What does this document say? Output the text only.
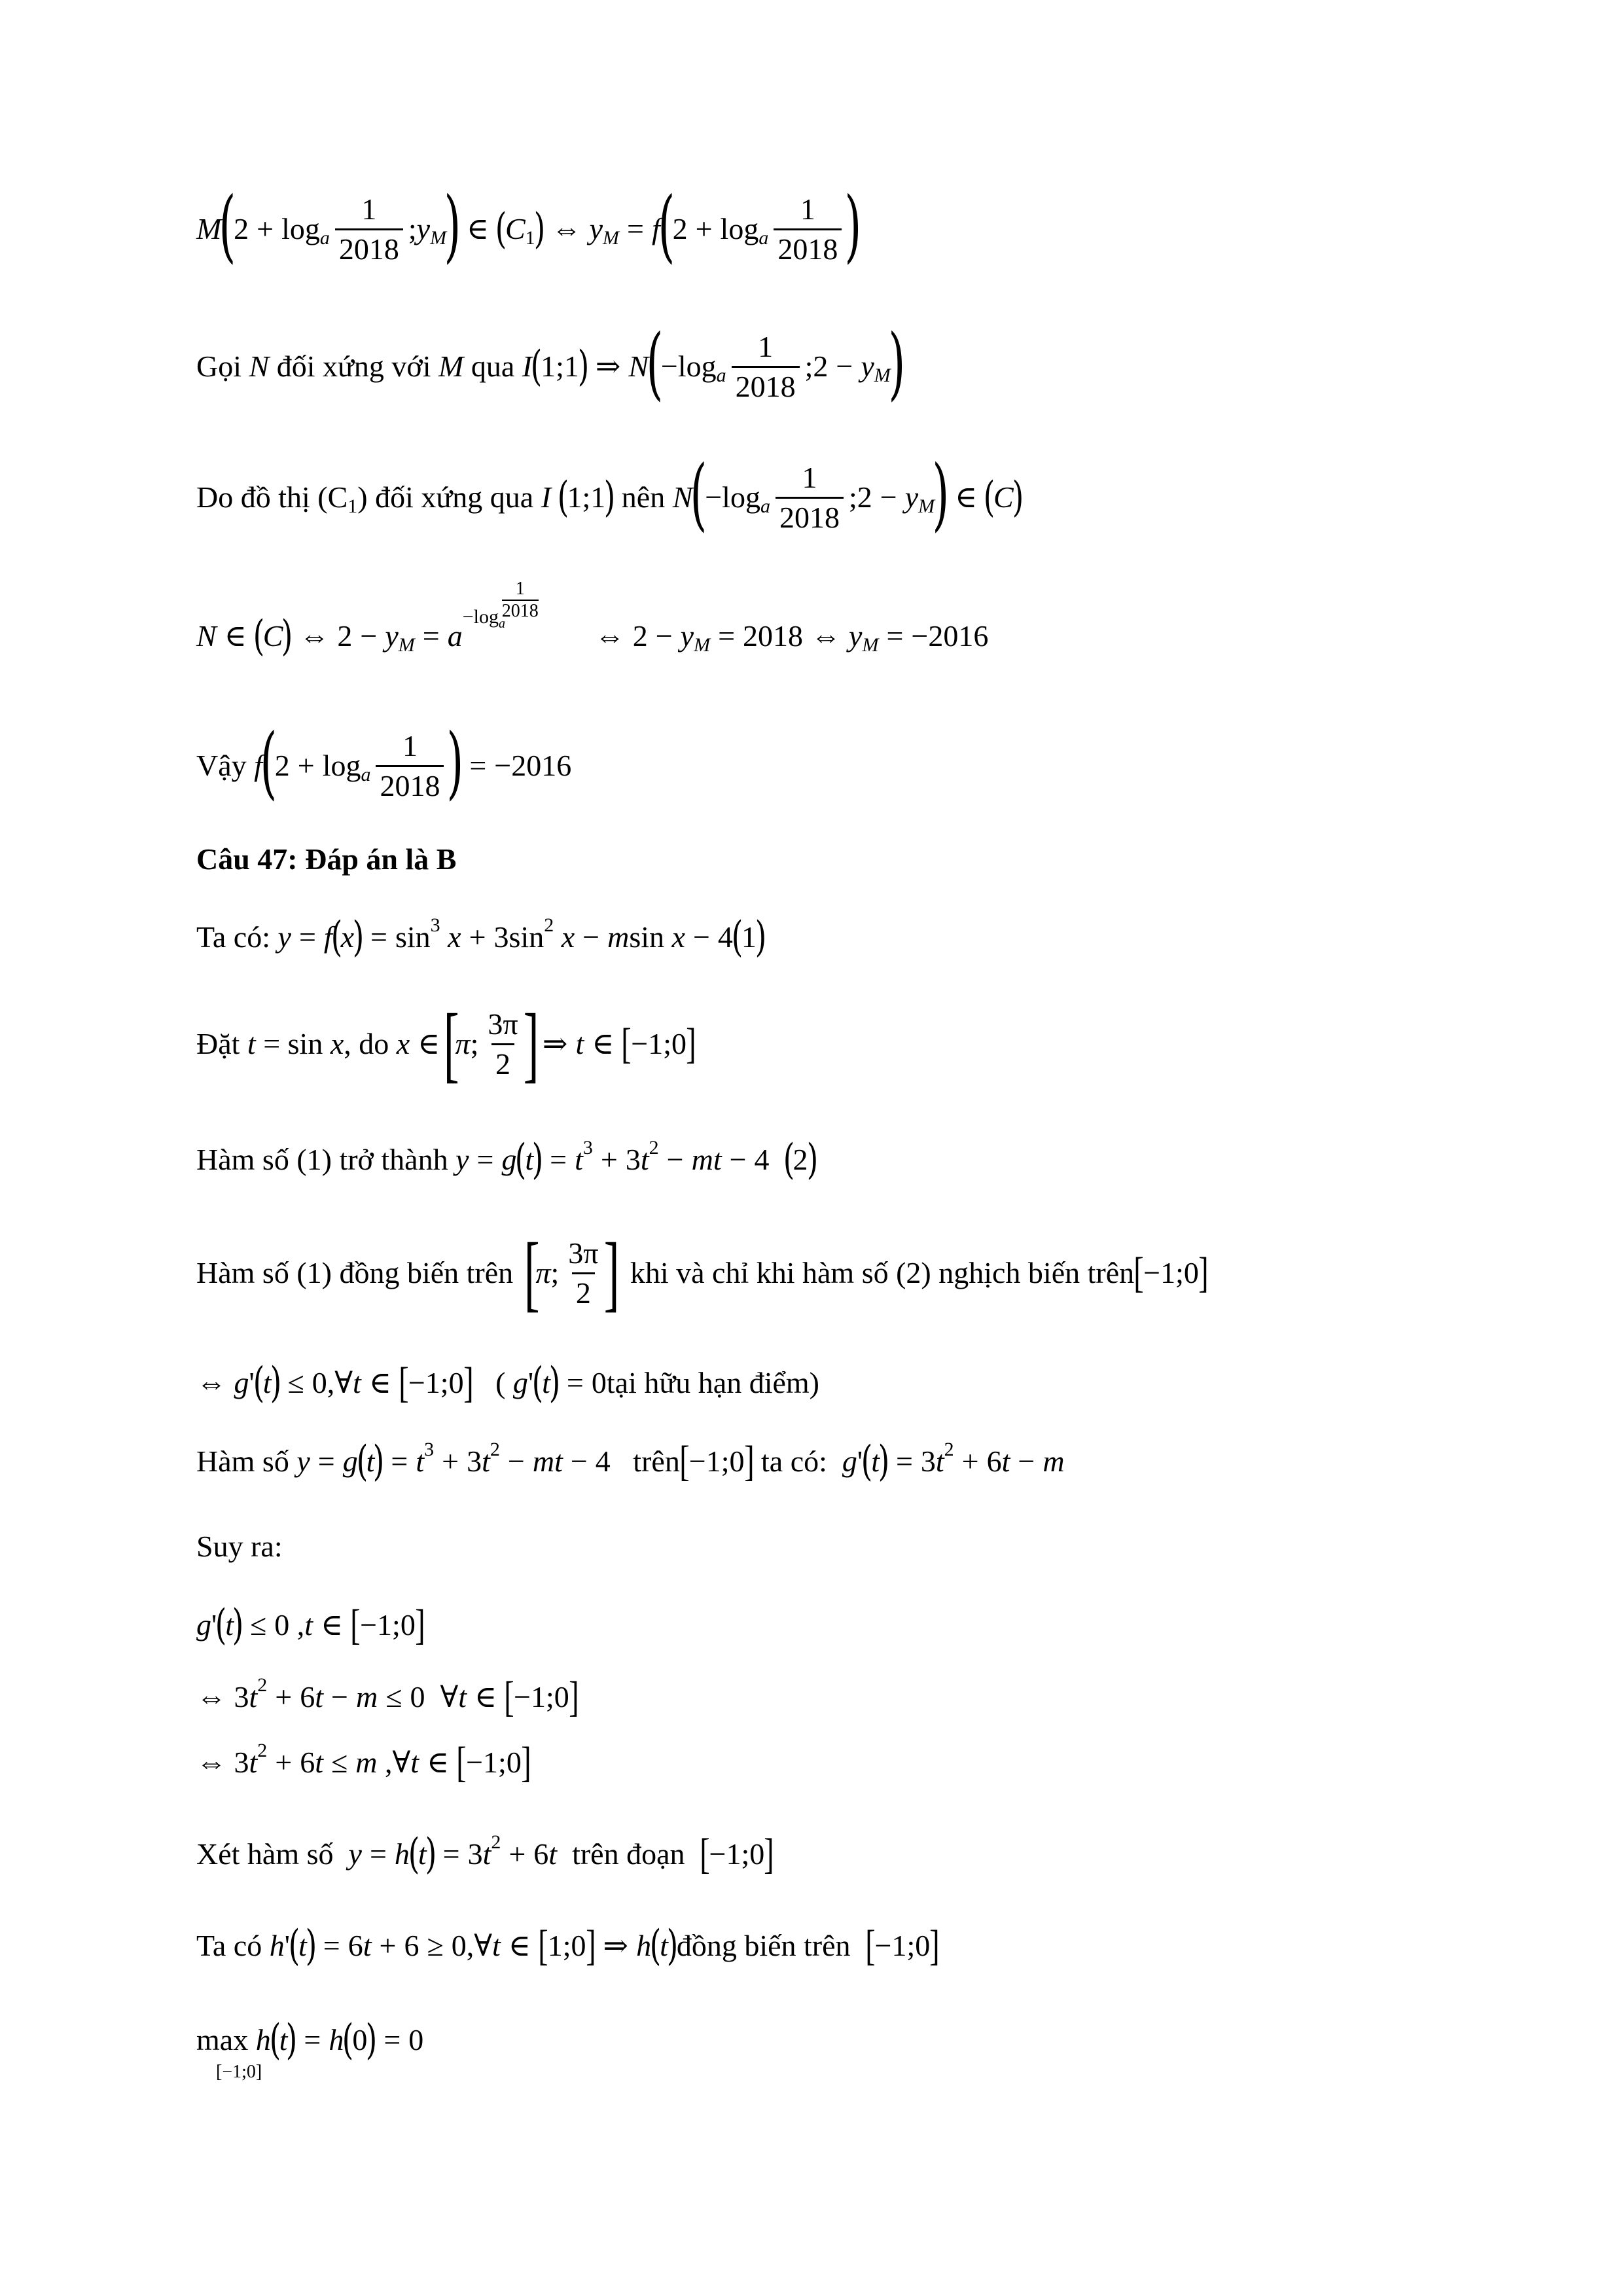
M
(
2 + log a $\frac{1}{2018}$ ; y M
) ∈ (
C 1
) ⇔ y M = f
(
2 + log a $\frac{1}{2018}$ )
Gọi N đối xứng với M qua I
(
1;1
) ⇒ N
(
−log a $\frac{1}{2018}$ ;2 − y M
)
Do đồ thị (C 1 ) đối xứng qua I
(
1;1
)
nên N
(
−log a $\frac{1}{2018}$ ;2 − y M
) ∈ (
C
)
N ∈ (
C
) ⇔ 2 − y M = a
$-\log_a$
1
2018
⇔ 2 − y M = 2018 ⇔ y M = −2016
Vậy f
(
2 + log a $\frac{1}{2018}$ ) = −2016
Câu 47: Đáp án là B
Ta có: y = f
(
x
) = sin 3 x + 3sin 2 x − m sin x − 4
(
1
)
Đặt t = sin x , do x ∈ [
π ; $\frac{3\pi}{2}$ ] ⇒ t ∈ [ −1;0 ]
Hàm số (1) trở thành y = g
(
t
) = t 3 + 3 t 2 − mt − 4
(
2
)
Hàm số (1) đồng biến trên
[
π ; $\frac{3\pi}{2}$ ]
khi và chỉ khi hàm số (2) nghịch biến trên [ −1;0 ]
⇔ g '
(
t
) ≤ 0,∀ t ∈ [ −1;0 ] ( g '
(
t
) = 0 tại hữu hạn điểm)
Hàm số y = g
(
t
) = t 3 + 3 t 2 − mt − 4 trên [ −1;0 ]
ta có: g '
(
t
) = 3 t 2 + 6 t − m
Suy ra:
g '
(
t
) ≤ 0 , t ∈ [ −1;0 ]
⇔ 3 t 2 + 6 t − m ≤ 0  ∀ t ∈ [ −1;0 ]
⇔ 3 t 2 + 6 t ≤ m ,∀ t ∈ [ −1;0 ]
Xét hàm số y = h
(
t
) = 3 t 2 + 6 t
trên đoạn
[ −1;0 ]
Ta có h '
(
t
) = 6 t + 6 ≥ 0,∀ t ∈ [ 1;0 ] ⇒ h
(
t
)
đồng biến trên
[ −1;0 ]
max h
(
t
) = h
(
0
) = 0
[−1;0]
